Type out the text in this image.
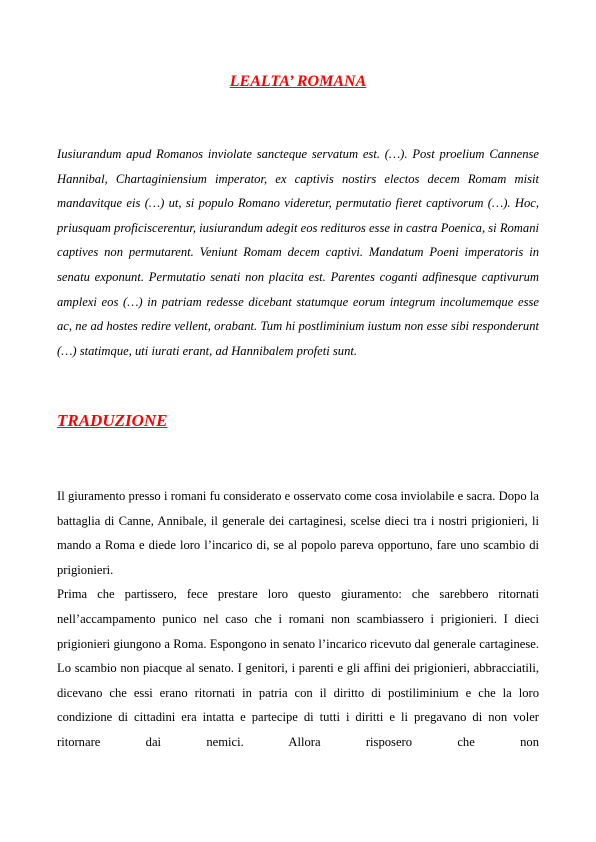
LEALTA’ ROMANA

Iusiurandum apud Romanos inviolate sancteque servatum est. (…). Post proelium Cannense Hannibal, Chartaginiensium imperator, ex captivis nostirs electos decem Romam misit mandavitque eis (…) ut, si populo Romano videretur, permutatio fieret captivorum (…). Hoc, priusquam proficiscerentur, iusiurandum adegit eos redituros esse in castra Poenica, si Romani captives non permutarent. Veniunt Romam decem captivi. Mandatum Poeni imperatoris in senatu exponunt. Permutatio senati non placita est. Parentes coganti adfinesque captivurum amplexi eos (…) in patriam redesse dicebant statumque eorum integrum incolumemque esse ac, ne ad hostes redire vellent, orabant. Tum hi postliminium iustum non esse sibi responderunt (…) statimque, uti iurati erant, ad Hannibalem profeti sunt.

TRADUZIONE

Il giuramento presso i romani fu considerato e osservato come cosa inviolabile e sacra. Dopo la battaglia di Canne, Annibale, il generale dei cartaginesi, scelse dieci tra i nostri prigionieri, li mando a Roma e diede loro l’incarico di, se al popolo pareva opportuno, fare uno scambio di prigionieri.

Prima che partissero, fece prestare loro questo giuramento: che sarebbero ritornati nell’accampamento punico nel caso che i romani non scambiassero i prigionieri. I dieci prigionieri giungono a Roma. Espongono in senato l’incarico ricevuto dal generale cartaginese. Lo scambio non piacque al senato. I genitori, i parenti e gli affini dei prigionieri, abbracciatili, dicevano che essi erano ritornati in patria con il diritto di postiliminium e che la loro condizione di cittadini era intatta e partecipe di tutti i diritti e li pregavano di non voler ritornare dai nemici. Allora risposero che non
